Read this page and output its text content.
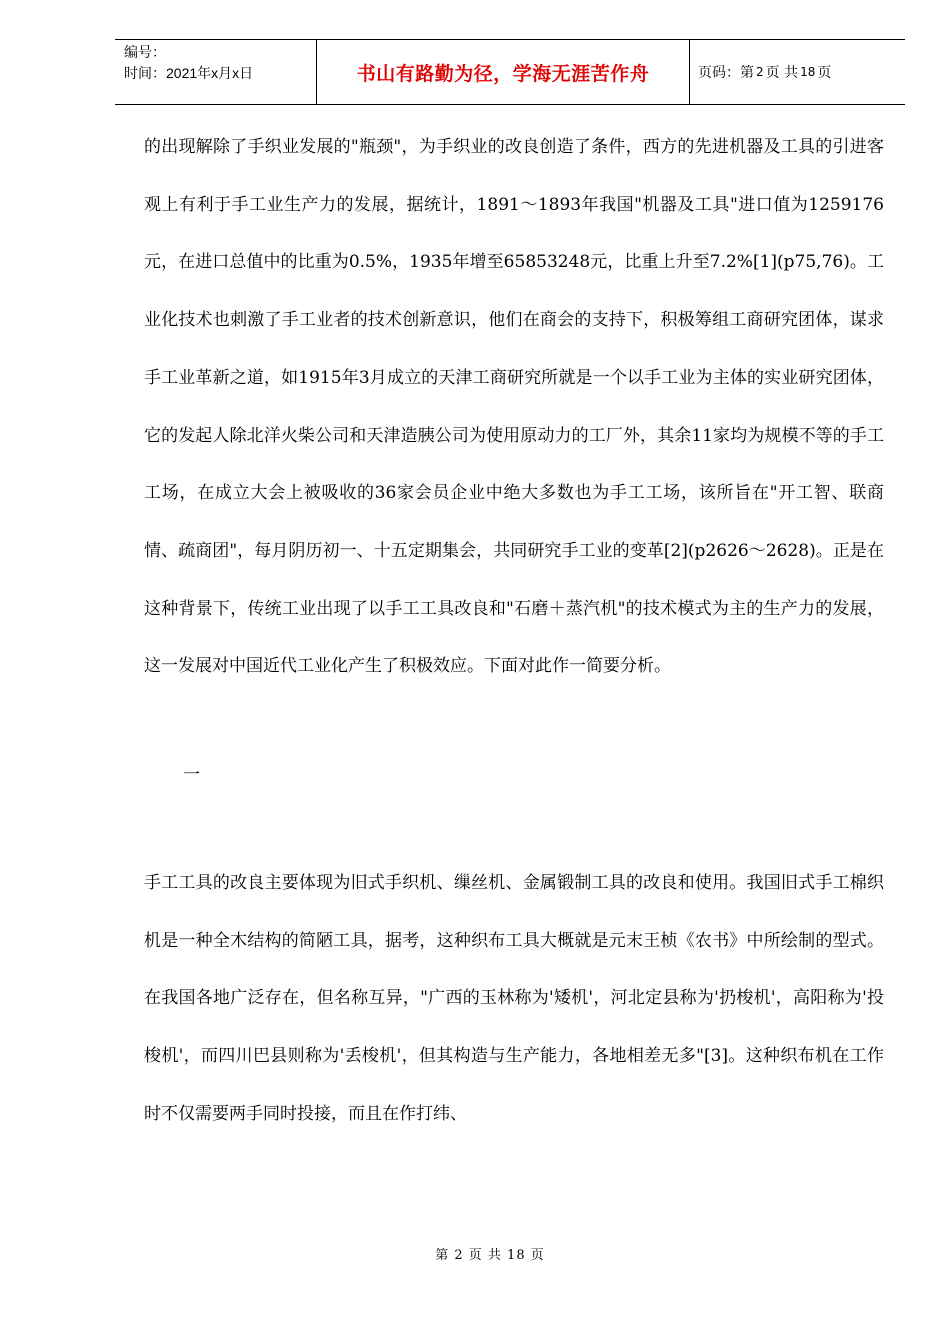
编号：
时间：2021年x月x日	书山有路勤为径，学海无涯苦作舟	页码：第 2 页 共 18 页

的出现解除了手织业发展的"瓶颈"，为手织业的改良创造了条件，西方的先进机器及工具的引进客观上有利于手工业生产力的发展，据统计，1891～1893年我国"机器及工具"进口值为1259176元，在进口总值中的比重为0.5%，1935年增至65853248元，比重上升至7.2%[1](p75,76)。工业化技术也刺激了手工业者的技术创新意识，他们在商会的支持下，积极筹组工商研究团体，谋求手工业革新之道，如1915年3月成立的天津工商研究所就是一个以手工业为主体的实业研究团体，它的发起人除北洋火柴公司和天津造胰公司为使用原动力的工厂外，其余11家均为规模不等的手工工场，在成立大会上被吸收的36家会员企业中绝大多数也为手工工场，该所旨在"开工智、联商情、疏商团"，每月阴历初一、十五定期集会，共同研究手工业的变革[2](p2626～2628)。正是在这种背景下，传统工业出现了以手工工具改良和"石磨＋蒸汽机"的技术模式为主的生产力的发展，这一发展对中国近代工业化产生了积极效应。下面对此作一简要分析。

一

手工工具的改良主要体现为旧式手织机、缫丝机、金属锻制工具的改良和使用。我国旧式手工棉织机是一种全木结构的简陋工具，据考，这种织布工具大概就是元末王桢《农书》中所绘制的型式。在我国各地广泛存在，但名称互异，"广西的玉林称为'矮机'，河北定县称为'扔梭机'，高阳称为'投梭机'，而四川巴县则称为'丢梭机'，但其构造与生产能力，各地相差无多"[3]。这种织布机在工作时不仅需要两手同时投接，而且在作打纬、

第 2 页 共 18 页
